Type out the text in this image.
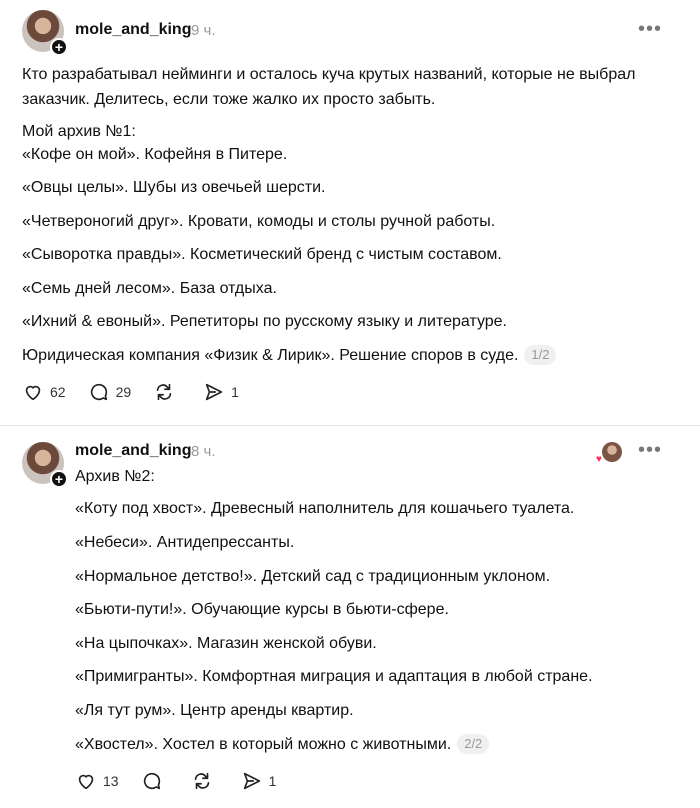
+
mole_and_king 9 ч.	•••
Кто разрабатывал нейминги и осталось куча крутых названий, которые не выбрал
заказчик. Делитесь, если тоже жалко их просто забыть.
Мой архив №1:
«Кофе он мой». Кофейня в Питере.
«Овцы целы». Шубы из овечьей шерсти.
«Четвероногий друг». Кровати, комоды и столы ручной работы.
«Сыворотка правды». Косметический бренд с чистым составом.
«Семь дней лесом». База отдыха.
«Ихний & евоный». Репетиторы по русскому языку и литературе.
Юридическая компания «Физик & Лирик». Решение споров в суде. 1/2
62	29	1
+
mole_and_king 8 ч.	♥ •••
Архив №2:
«Коту под хвост». Древесный наполнитель для кошачьего туалета.
«Небеси». Антидепрессанты.
«Нормальное детство!». Детский сад с традиционным уклоном.
«Бьюти-пути!». Обучающие курсы в бьюти-сфере.
«На цыпочках». Магазин женской обуви.
«Примигранты». Комфортная миграция и адаптация в любой стране.
«Ля тут рум». Центр аренды квартир.
«Хвостел». Хостел в который можно с животными. 2/2
13	1
